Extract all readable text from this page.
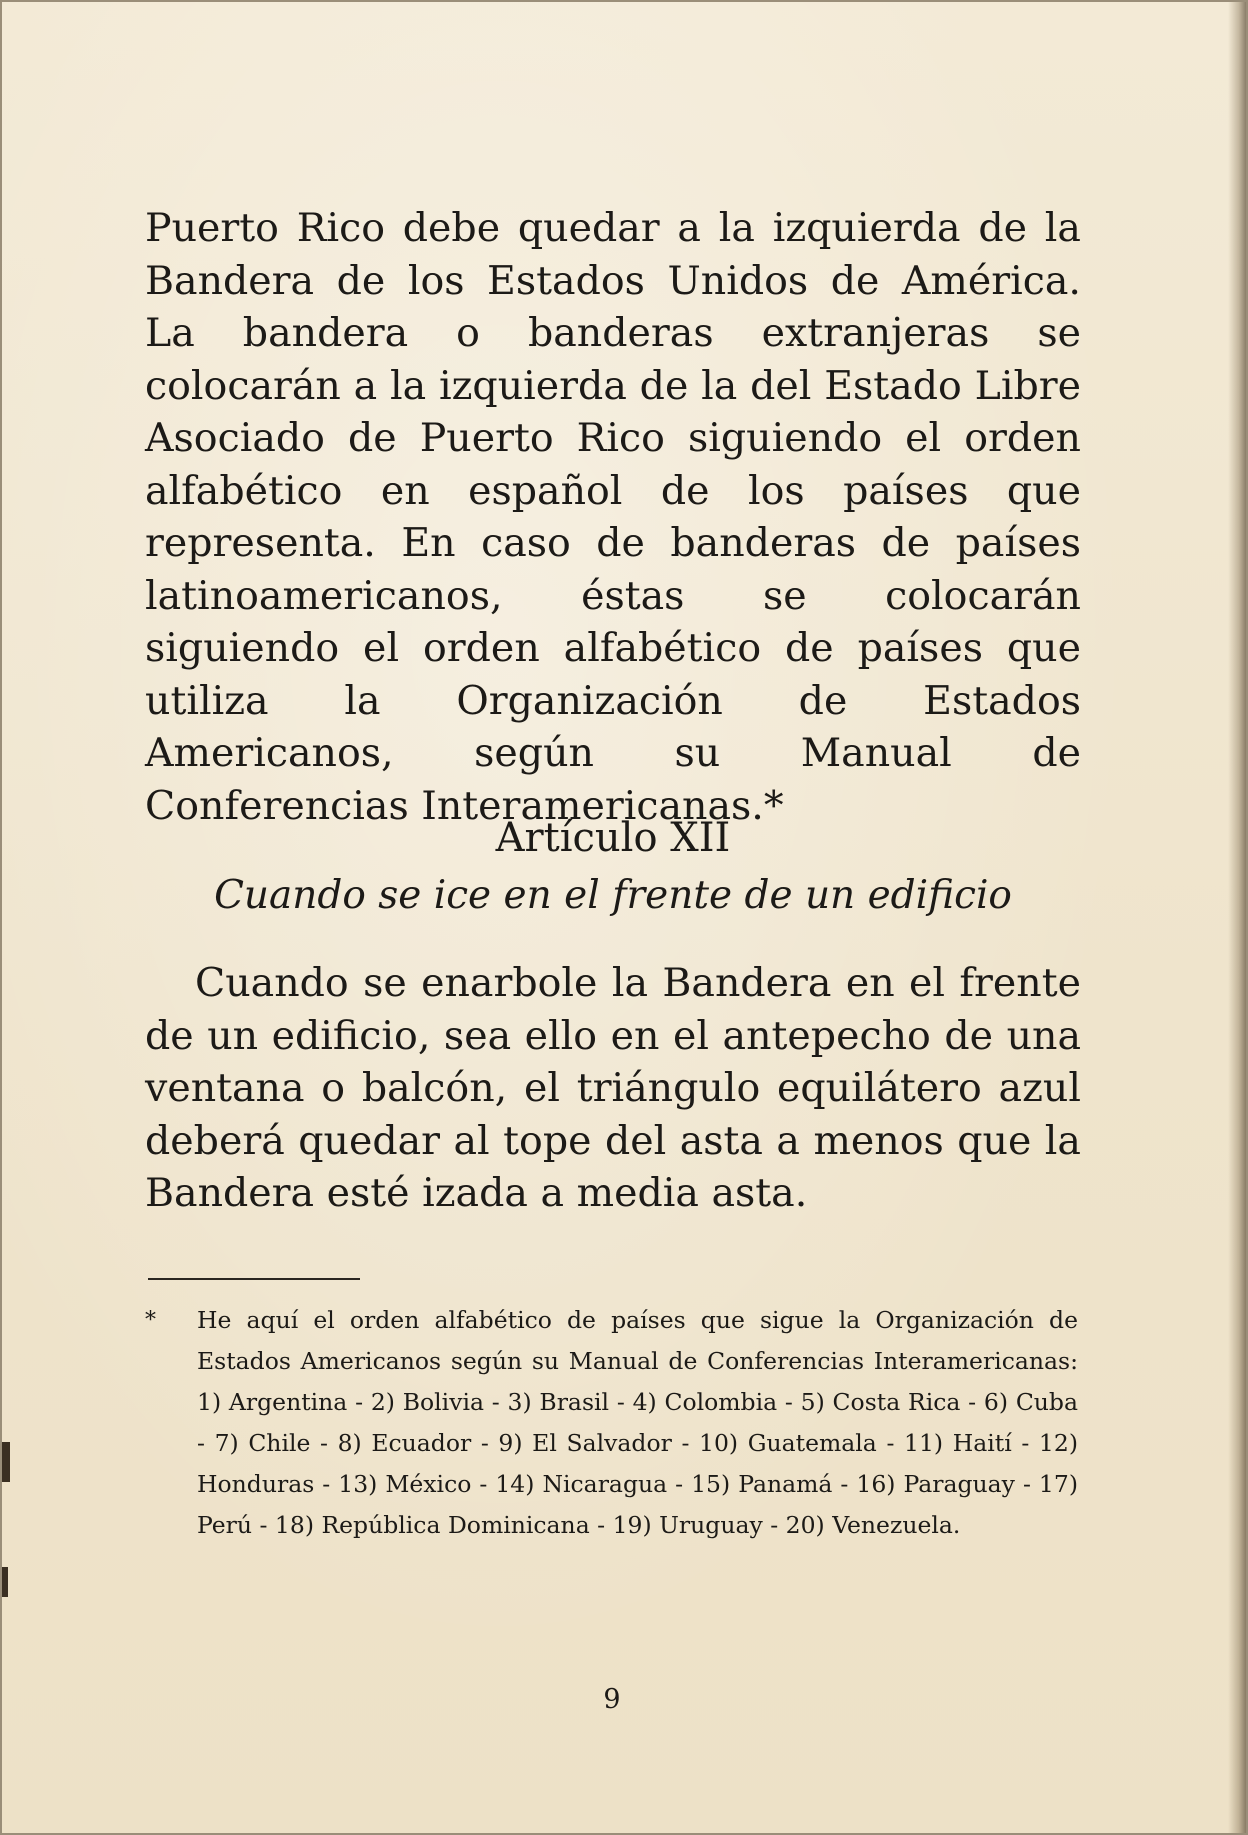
Puerto Rico debe quedar a la izquierda de la Bandera de los Estados Unidos de América. La bandera o banderas extranjeras se colocarán a la izquierda de la del Estado Libre Asociado de Puerto Rico siguiendo el orden alfabético en español de los países que representa. En caso de banderas de países latinoamericanos, éstas se colocarán siguiendo el orden alfabético de países que utiliza la Organización de Estados Americanos, según su Manual de Conferencias Interamericanas.*

Artículo XII

Cuando se ice en el frente de un edificio

Cuando se enarbole la Bandera en el frente de un edificio, sea ello en el antepecho de una ventana o balcón, el triángulo equilátero azul deberá quedar al tope del asta a menos que la Bandera esté izada a media asta.

* He aquí el orden alfabético de países que sigue la Organización de Estados Americanos según su Manual de Conferencias Interamericanas: 1) Argentina - 2) Bolivia - 3) Brasil - 4) Colombia - 5) Costa Rica - 6) Cuba - 7) Chile - 8) Ecuador - 9) El Salvador - 10) Guatemala - 11) Haití - 12) Honduras - 13) México - 14) Nicaragua - 15) Panamá - 16) Paraguay - 17) Perú - 18) República Dominicana - 19) Uruguay - 20) Venezuela.

9
